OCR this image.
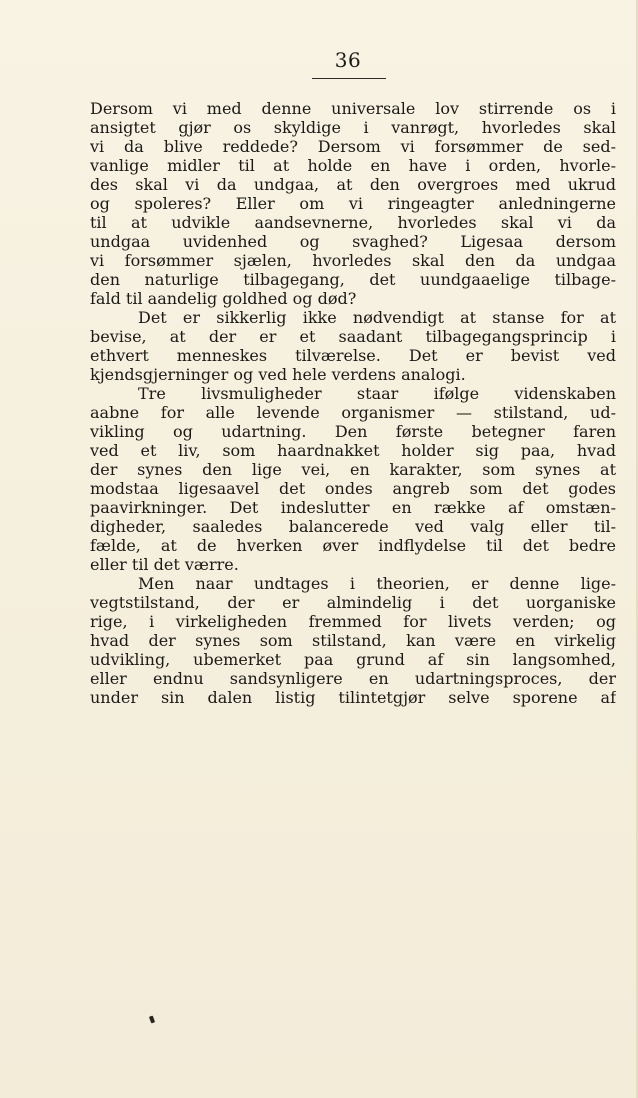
36
Dersom vi med denne universale lov stirrende os i
ansigtet gjør os skyldige i vanrøgt, hvorledes skal
vi da blive reddede? Dersom vi forsømmer de sed-
vanlige midler til at holde en have i orden, hvorle-
des skal vi da undgaa, at den overgroes med ukrud
og spoleres? Eller om vi ringeagter anledningerne
til at udvikle aandsevnerne, hvorledes skal vi da
undgaa uvidenhed og svaghed? Ligesaa dersom
vi forsømmer sjælen, hvorledes skal den da undgaa
den naturlige tilbagegang, det uundgaaelige tilbage-
fald til aandelig goldhed og død?
Det er sikkerlig ikke nødvendigt at stanse for at
bevise, at der er et saadant tilbagegangsprincip i
ethvert menneskes tilværelse. Det er bevist ved
kjendsgjerninger og ved hele verdens analogi.
Tre livsmuligheder staar ifølge videnskaben
aabne for alle levende organismer — stilstand, ud-
vikling og udartning. Den første betegner faren
ved et liv, som haardnakket holder sig paa, hvad
der synes den lige vei, en karakter, som synes at
modstaa ligesaavel det ondes angreb som det godes
paavirkninger. Det indeslutter en række af omstæn-
digheder, saaledes balancerede ved valg eller til-
fælde, at de hverken øver indflydelse til det bedre
eller til det værre.
Men naar undtages i theorien, er denne lige-
vegtstilstand, der er almindelig i det uorganiske
rige, i virkeligheden fremmed for livets verden; og
hvad der synes som stilstand, kan være en virkelig
udvikling, ubemerket paa grund af sin langsomhed,
eller endnu sandsynligere en udartningsproces, der
under sin dalen listig tilintetgjør selve sporene af
